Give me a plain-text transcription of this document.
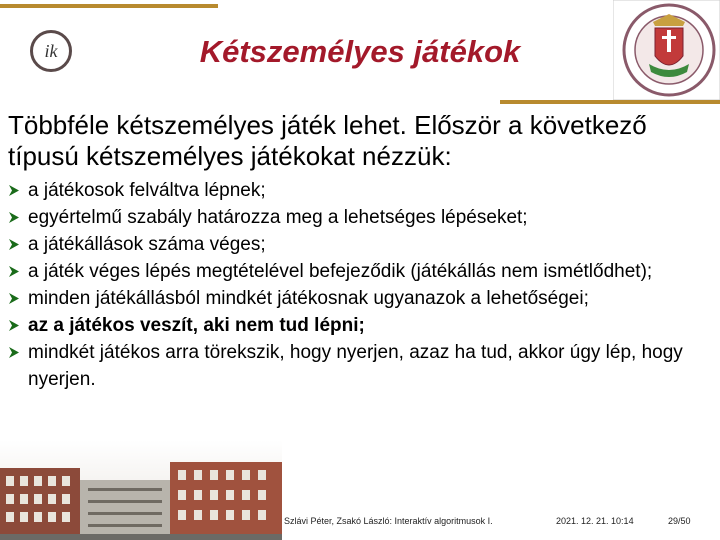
ik	Kétszemélyes játékok
Többféle kétszemélyes játék lehet. Először a következő típusú kétszemélyes játékokat nézzük:
a játékosok felváltva lépnek;
egyértelmű szabály határozza meg a lehetséges lépéseket;
a játékállások száma véges;
a játék véges lépés megtételével befejeződik (játékállás nem ismétlődhet);
minden játékállásból mindkét játékosnak ugyanazok a lehetőségei;
az a játékos veszít, aki nem tud lépni;
mindkét játékos arra törekszik, hogy nyerjen, azaz ha tud, akkor úgy lép, hogy nyerjen.
Szlávi Péter, Zsakó László: Interaktív algoritmusok I.	2021. 12. 21. 10:14	29/50
